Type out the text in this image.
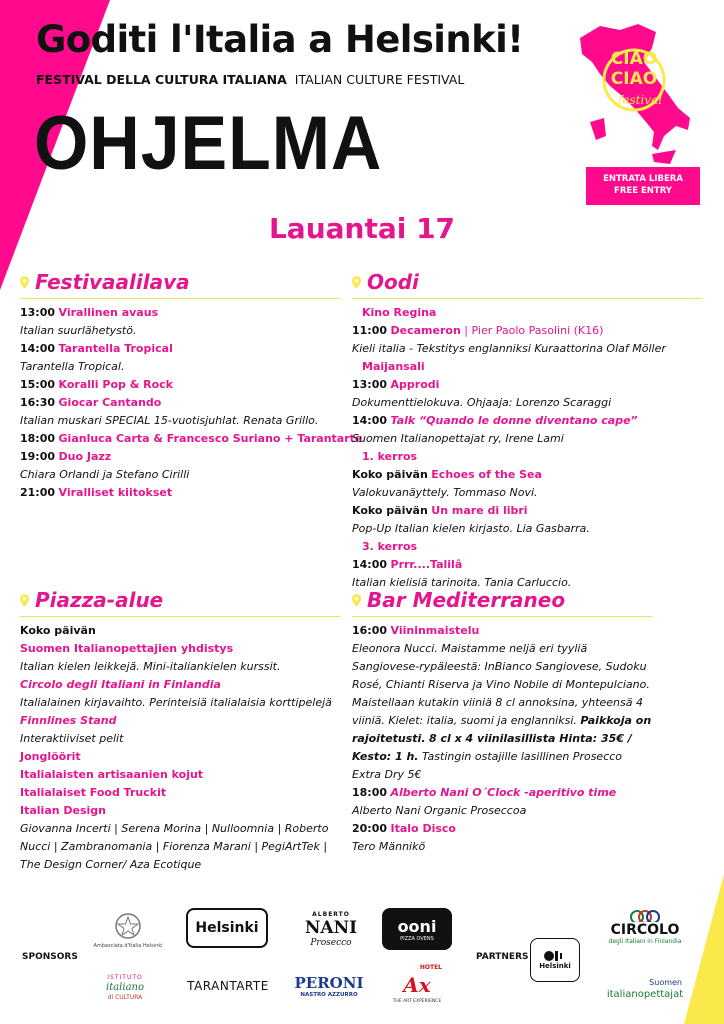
Goditi l'Italia a Helsinki!
FESTIVAL DELLA CULTURA ITALIANA ITALIAN CULTURE FESTIVAL
OHJELMA
CIAO
CIAO
festival
ENTRATA LIBERA
FREE ENTRY
Lauantai 17
Festivaalilava
13:00 Virallinen avaus
Italian suurlähetystö.
14:00 Tarantella Tropical
Tarantella Tropical.
15:00 Koralli Pop & Rock
16:30 Giocar Cantando
Italian muskari SPECIAL 15-vuotisjuhlat. Renata Grillo.
18:00 Gianluca Carta & Francesco Suriano + Tarantarte
19:00 Duo Jazz
Chiara Orlandi ja Stefano Cirilli
21:00 Viralliset kiitokset
Oodi
Kino Regina
11:00 Decameron | Pier Paolo Pasolini (K16)
Kieli italia - Tekstitys englanniksi Kuraattorina Olaf Möller
Maijansali
13:00 Approdi
Dokumenttielokuva. Ohjaaja: Lorenzo Scaraggi
14:00 Talk “Quando le donne diventano cape”
Suomen Italianopettajat ry, Irene Lami
1. kerros
Koko päivän Echoes of the Sea
Valokuvanäyttely. Tommaso Novi.
Koko päivän Un mare di libri
Pop-Up Italian kielen kirjasto. Lia Gasbarra.
3. kerros
14:00 Prrr....Talilâ
Italian kielisiä tarinoita. Tania Carluccio.
Piazza-alue
Koko päivän
Suomen Italianopettajien yhdistys
Italian kielen leikkejä. Mini-italiankielen kurssit.
Circolo degli Italiani in Finlandia
Italialainen kirjavaihto. Perinteisiä italialaisia korttipelejä
Finnlines Stand
Interaktiiviset pelit
Jonglöörit
Italialaisten artisaanien kojut
Italialaiset Food Truckit
Italian Design
Giovanna Incerti | Serena Morina | Nulloomnia | Roberto Nucci | Zambranomania | Fiorenza Marani | PegiArtTek | The Design Corner/ Aza Ecotique
Bar Mediterraneo
16:00 Viininmaistelu
Eleonora Nucci. Maistamme neljä eri tyyliä Sangiovese-rypäleestä: InBianco Sangiovese, Sudoku Rosé, Chianti Riserva ja Vino Nobile di Montepulciano. Maistellaan kutakin viiniä 8 cl annoksina, yhteensä 4 viiniä. Kielet: italia, suomi ja englanniksi. Paikkoja on rajoitetusti. 8 cl x 4 viinilasillista Hinta: 35€ / Kesto: 1 h. Tastingin ostajille lasillinen Prosecco Extra Dry 5€
18:00 Alberto Nani O´Clock -aperitivo time
Alberto Nani Organic Proseccoa
20:00 Italo Disco
Tero Männikö
SPONSORS	PARTNERS
Ambasciata d'Italia Helsinki
Helsinki
ALBERTO
NANI
Prosecco
ooni
PIZZA OVENS
ISTITUTO
italiano
di CULTURA
TARANTARTE PERONI
NASTRO AZZURRO
HOTEL
Ax
THE ART EXPERIENCE
Helsinki
CIRCOLO
degli Italiani in Finlandia
Suomen
italianopettajat
